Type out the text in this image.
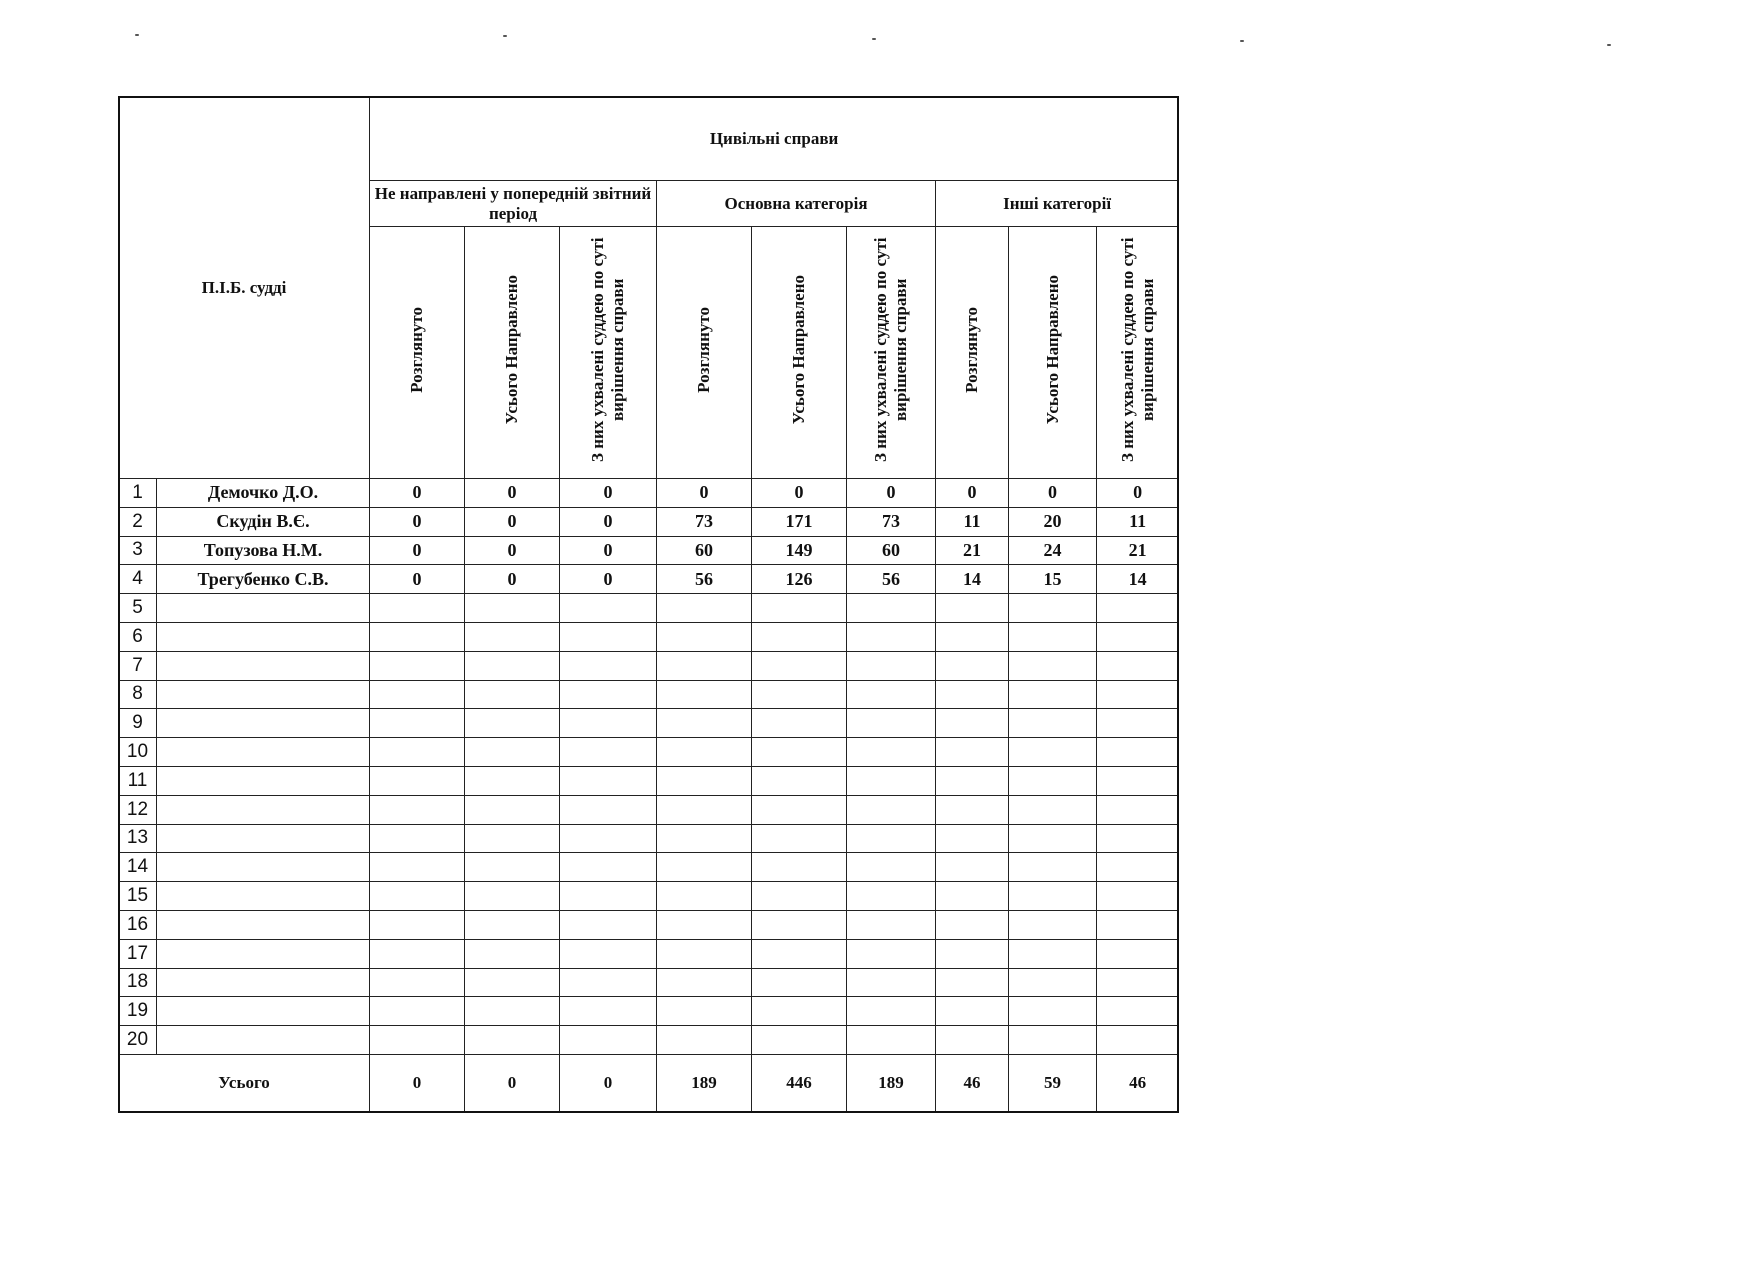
П.І.Б. судді		Цивільні справи								
		Не направлені у попередній звітний період			Основна категорія			Інші категорії		
		Розглянуто	Усього Направлено	З них ухвалені суддею по суті вирішення справи	Розглянуто	Усього Направлено	З них ухвалені суддею по суті вирішення справи	Розглянуто	Усього Направлено	З них ухвалені суддею по суті вирішення справи
1	Демочко Д.О.	0	0	0	0	0	0	0	0	0
2	Скудін В.Є.	0	0	0	73	171	73	11	20	11
3	Топузова Н.М.	0	0	0	60	149	60	21	24	21
4	Трегубенко С.В.	0	0	0	56	126	56	14	15	14
5										
6										
7										
8										
9										
10										
11										
12										
13										
14										
15										
16										
17										
18										
19										
20										
Усього		0	0	0	189	446	189	46	59	46
